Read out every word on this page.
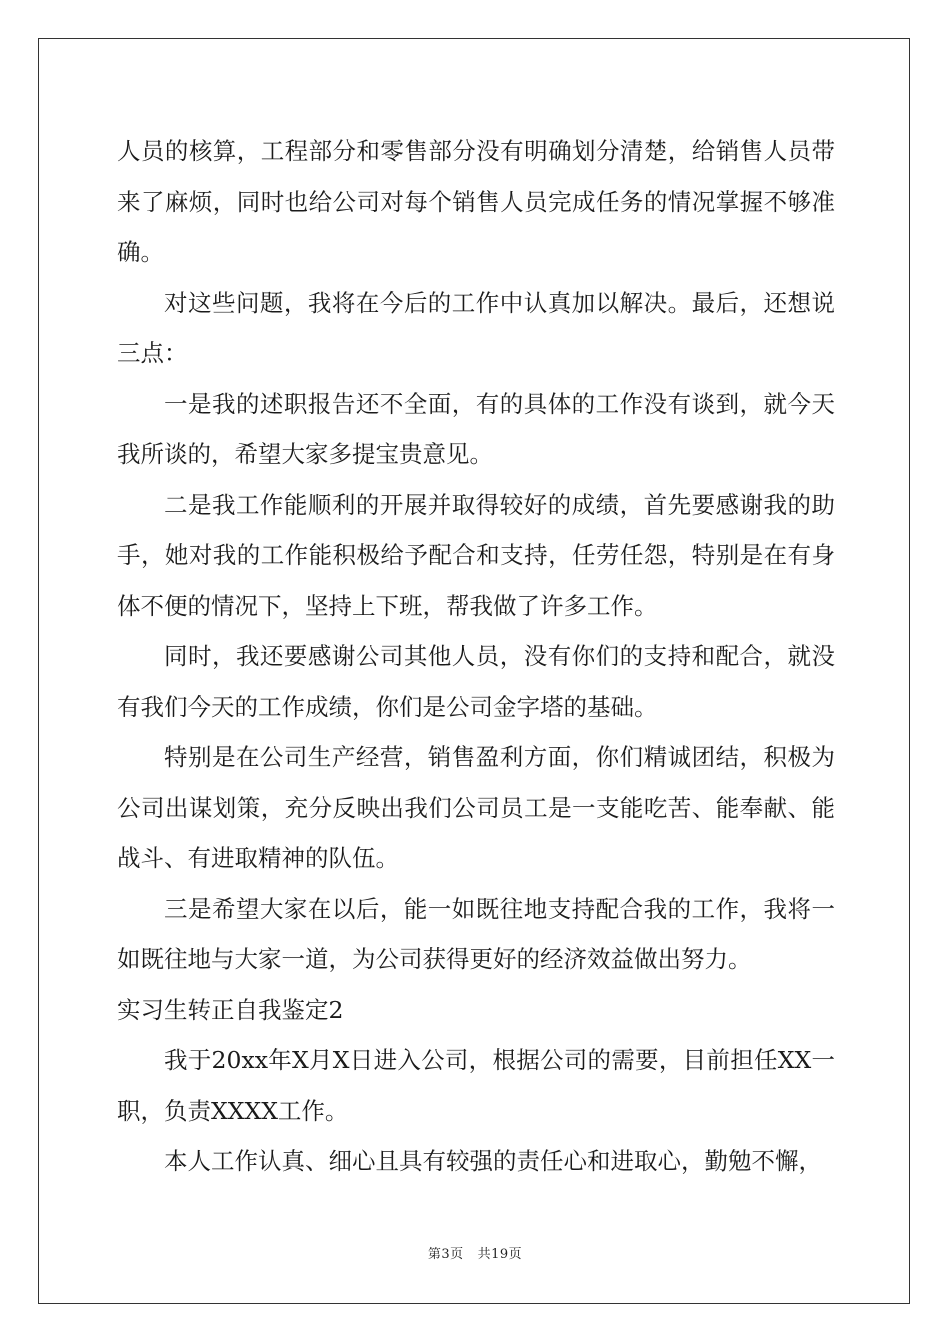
人员的核算，工程部分和零售部分没有明确划分清楚，给销售人员带来了麻烦，同时也给公司对每个销售人员完成任务的情况掌握不够准确。

对这些问题，我将在今后的工作中认真加以解决。最后，还想说三点：

一是我的述职报告还不全面，有的具体的工作没有谈到，就今天我所谈的，希望大家多提宝贵意见。

二是我工作能顺利的开展并取得较好的成绩，首先要感谢我的助手，她对我的工作能积极给予配合和支持，任劳任怨，特别是在有身体不便的情况下，坚持上下班，帮我做了许多工作。

同时，我还要感谢公司其他人员，没有你们的支持和配合，就没有我们今天的工作成绩，你们是公司金字塔的基础。

特别是在公司生产经营，销售盈利方面，你们精诚团结，积极为公司出谋划策，充分反映出我们公司员工是一支能吃苦、能奉献、能战斗、有进取精神的队伍。

三是希望大家在以后，能一如既往地支持配合我的工作，我将一如既往地与大家一道，为公司获得更好的经济效益做出努力。

实习生转正自我鉴定2

我于20xx年X月X日进入公司，根据公司的需要，目前担任XX一职，负责XXXX工作。

本人工作认真、细心且具有较强的责任心和进取心，勤勉不懈，

第3页 共19页
